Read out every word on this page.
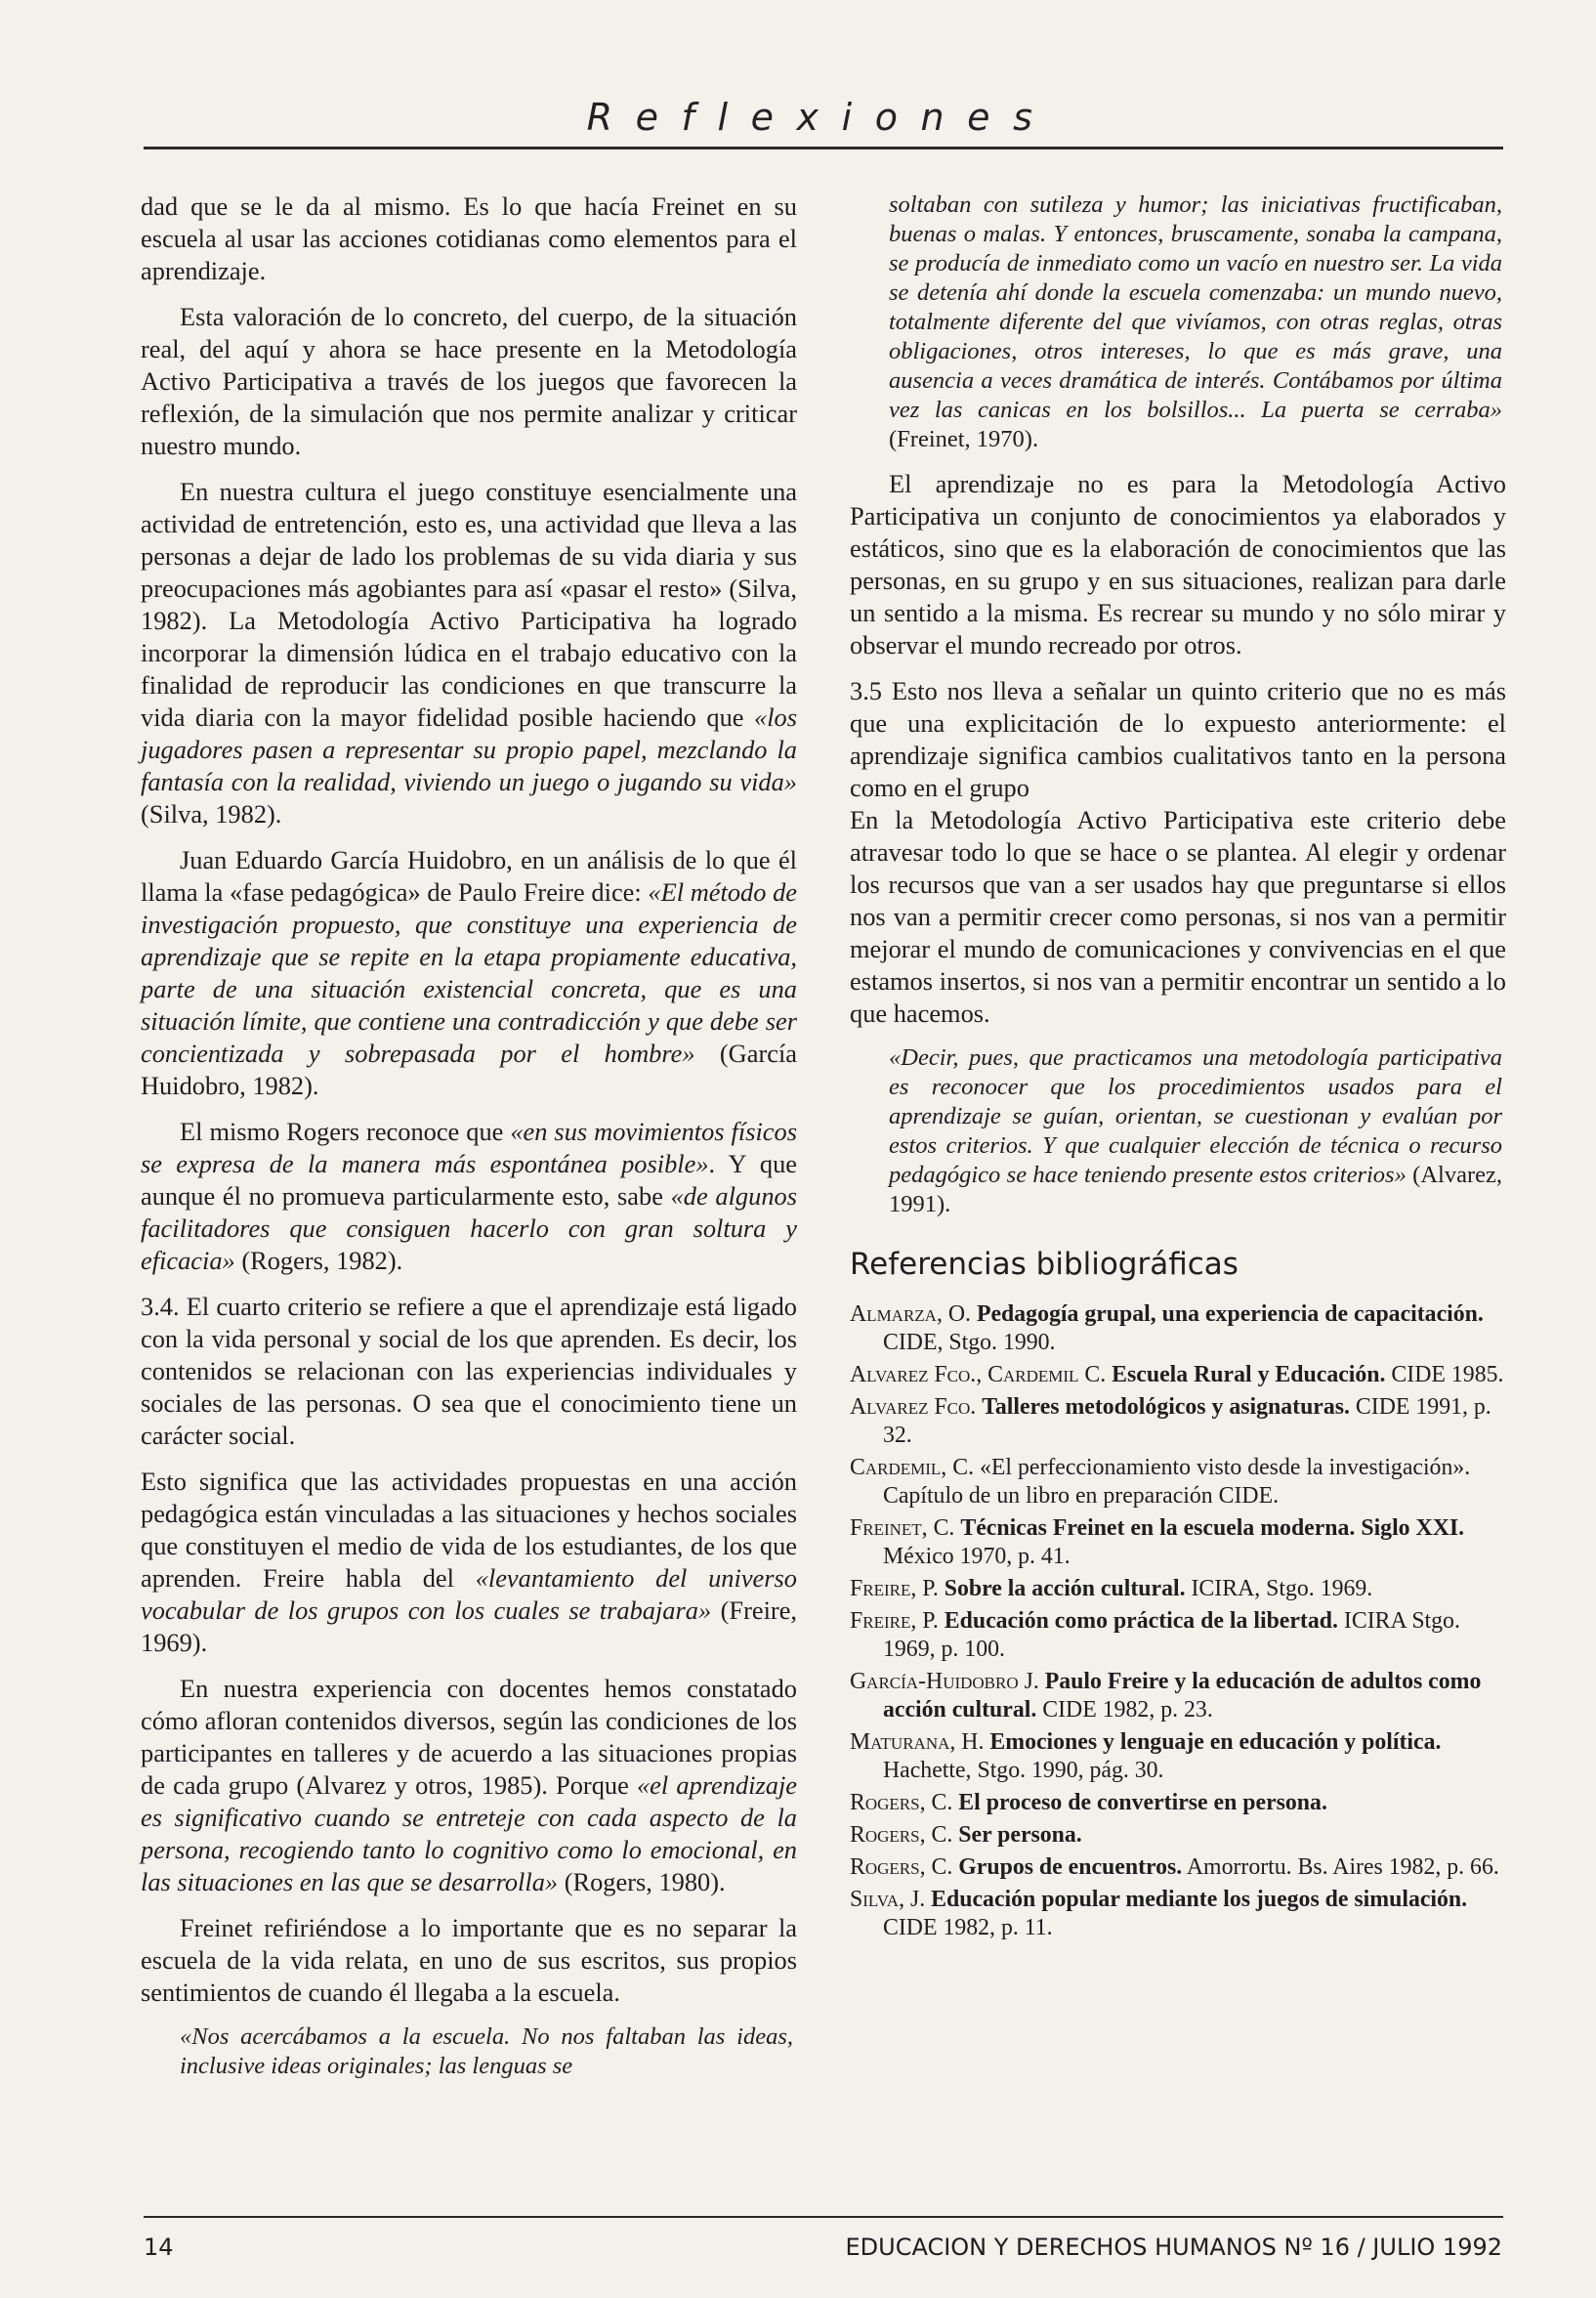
Reflexiones

dad que se le da al mismo. Es lo que hacía Freinet en su escuela al usar las acciones cotidianas como elementos para el aprendizaje.

Esta valoración de lo concreto, del cuerpo, de la situación real, del aquí y ahora se hace presente en la Metodología Activo Participativa a través de los juegos que favorecen la reflexión, de la simulación que nos permite analizar y criticar nuestro mundo.

En nuestra cultura el juego constituye esencialmente una actividad de entretención, esto es, una actividad que lleva a las personas a dejar de lado los problemas de su vida diaria y sus preocupaciones más agobiantes para así «pasar el resto» (Silva, 1982). La Metodología Activo Participativa ha logrado incorporar la dimensión lúdica en el trabajo educativo con la finalidad de reproducir las condiciones en que transcurre la vida diaria con la mayor fidelidad posible haciendo que «los jugadores pasen a representar su propio papel, mezclando la fantasía con la realidad, viviendo un juego o jugando su vida» (Silva, 1982).

Juan Eduardo García Huidobro, en un análisis de lo que él llama la «fase pedagógica» de Paulo Freire dice: «El método de investigación propuesto, que constituye una experiencia de aprendizaje que se repite en la etapa propiamente educativa, parte de una situación existencial concreta, que es una situación límite, que contiene una contradicción y que debe ser concientizada y sobrepasada por el hombre» (García Huidobro, 1982).

El mismo Rogers reconoce que «en sus movimientos físicos se expresa de la manera más espontánea posible». Y que aunque él no promueva particularmente esto, sabe «de algunos facilitadores que consiguen hacerlo con gran soltura y eficacia» (Rogers, 1982).

3.4. El cuarto criterio se refiere a que el aprendizaje está ligado con la vida personal y social de los que aprenden. Es decir, los contenidos se relacionan con las experiencias individuales y sociales de las personas. O sea que el conocimiento tiene un carácter social.

Esto significa que las actividades propuestas en una acción pedagógica están vinculadas a las situaciones y hechos sociales que constituyen el medio de vida de los estudiantes, de los que aprenden. Freire habla del «levantamiento del universo vocabular de los grupos con los cuales se trabajara» (Freire, 1969).

En nuestra experiencia con docentes hemos constatado cómo afloran contenidos diversos, según las condiciones de los participantes en talleres y de acuerdo a las situaciones propias de cada grupo (Alvarez y otros, 1985). Porque «el aprendizaje es significativo cuando se entreteje con cada aspecto de la persona, recogiendo tanto lo cognitivo como lo emocional, en las situaciones en las que se desarrolla» (Rogers, 1980).

Freinet refiriéndose a lo importante que es no separar la escuela de la vida relata, en uno de sus escritos, sus propios sentimientos de cuando él llegaba a la escuela.

«Nos acercábamos a la escuela. No nos faltaban las ideas, inclusive ideas originales; las lenguas se

soltaban con sutileza y humor; las iniciativas fructificaban, buenas o malas. Y entonces, bruscamente, sonaba la campana, se producía de inmediato como un vacío en nuestro ser. La vida se detenía ahí donde la escuela comenzaba: un mundo nuevo, totalmente diferente del que vivíamos, con otras reglas, otras obligaciones, otros intereses, lo que es más grave, una ausencia a veces dramática de interés. Contábamos por última vez las canicas en los bolsillos... La puerta se cerraba» (Freinet, 1970).

El aprendizaje no es para la Metodología Activo Participativa un conjunto de conocimientos ya elaborados y estáticos, sino que es la elaboración de conocimientos que las personas, en su grupo y en sus situaciones, realizan para darle un sentido a la misma. Es recrear su mundo y no sólo mirar y observar el mundo recreado por otros.

3.5 Esto nos lleva a señalar un quinto criterio que no es más que una explicitación de lo expuesto anteriormente: el aprendizaje significa cambios cualitativos tanto en la persona como en el grupo

En la Metodología Activo Participativa este criterio debe atravesar todo lo que se hace o se plantea. Al elegir y ordenar los recursos que van a ser usados hay que preguntarse si ellos nos van a permitir crecer como personas, si nos van a permitir mejorar el mundo de comunicaciones y convivencias en el que estamos insertos, si nos van a permitir encontrar un sentido a lo que hacemos.

«Decir, pues, que practicamos una metodología participativa es reconocer que los procedimientos usados para el aprendizaje se guían, orientan, se cuestionan y evalúan por estos criterios. Y que cualquier elección de técnica o recurso pedagógico se hace teniendo presente estos criterios» (Alvarez, 1991).

Referencias bibliográficas
Almarza, O. Pedagogía grupal, una experiencia de capacitación. CIDE, Stgo. 1990.
Alvarez Fco., Cardemil C. Escuela Rural y Educación. CIDE 1985.
Alvarez Fco. Talleres metodológicos y asignaturas. CIDE 1991, p. 32.
Cardemil, C. «El perfeccionamiento visto desde la investigación». Capítulo de un libro en preparación CIDE.
Freinet, C. Técnicas Freinet en la escuela moderna. Siglo XXI. México 1970, p. 41.
Freire, P. Sobre la acción cultural. ICIRA, Stgo. 1969.
Freire, P. Educación como práctica de la libertad. ICIRA Stgo. 1969, p. 100.
García-Huidobro J. Paulo Freire y la educación de adultos como acción cultural. CIDE 1982, p. 23.
Maturana, H. Emociones y lenguaje en educación y política. Hachette, Stgo. 1990, pág. 30.
Rogers, C. El proceso de convertirse en persona.
Rogers, C. Ser persona.
Rogers, C. Grupos de encuentros. Amorrortu. Bs. Aires 1982, p. 66.
Silva, J. Educación popular mediante los juegos de simulación. CIDE 1982, p. 11.
14	EDUCACION Y DERECHOS HUMANOS Nº 16 / JULIO 1992
